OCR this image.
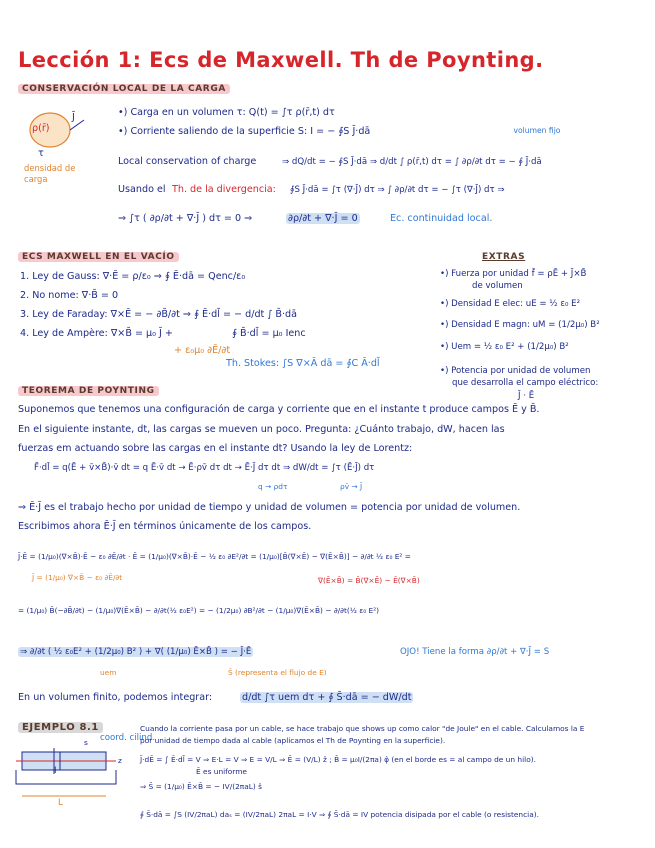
Lección 1: Ecs de Maxwell. Th de Poynting.
CONSERVACIÓN LOCAL DE LA CARGA
ρ(r̄)
J̄
τ
densidad de carga
•) Carga en un volumen τ: Q(t) = ∫τ ρ(r̄,t) dτ
•) Corriente saliendo de la superficie S: I = − ∮S J̄·dā	volumen fijo
Local conservation of charge	⇒ dQ/dt = − ∮S J̄·dā ⇒ d/dt ∫ ρ(r̄,t) dτ = ∫ ∂ρ/∂t dτ = − ∮ J̄·dā
Usando el Th. de la divergencia: ∮S J̄·dā = ∫τ (∇·J̄) dτ ⇒ ∫ ∂ρ/∂t dτ = − ∫τ (∇·J̄) dτ ⇒
⇒ ∫τ ( ∂ρ/∂t + ∇·J̄ ) dτ = 0 ⇒	∂ρ/∂t + ∇·J̄ = 0	Ec. continuidad local.
ECS MAXWELL EN EL VACÍO
1. Ley de Gauss: ∇·Ē = ρ/ε₀ ⇒ ∮ Ē·dā = Qenc/ε₀
2. No nome: ∇·B̄ = 0
3. Ley de Faraday: ∇×Ē = − ∂B̄/∂t ⇒ ∮ Ē·dl̄ = − d/dt ∫ B̄·dā
4. Ley de Ampère: ∇×B̄ = μ₀ J̄ +	∮ B̄·dl̄ = μ₀ Ienc
+ ε₀μ₀ ∂Ē/∂t
Th. Stokes: ∫S ∇×Ā dā = ∮C Ā·dl̄
EXTRAS
•) Fuerza por unidad f̄ = ρĒ + J̄×B̄
de volumen
•) Densidad E elec: uE = ½ ε₀ E²
•) Densidad E magn: uM = (1/2μ₀) B²
•) Uem = ½ ε₀ E² + (1/2μ₀) B²
•) Potencia por unidad de volumen
que desarrolla el campo eléctrico:
J̄ · Ē
TEOREMA DE POYNTING
Suponemos que tenemos una configuración de carga y corriente que en el instante t produce campos Ē y B̄.
En el siguiente instante, dt, las cargas se mueven un poco. Pregunta: ¿Cuánto trabajo, dW, hacen las
fuerzas em actuando sobre las cargas en el instante dt? Usando la ley de Lorentz:
F̄·dl̄ = q(Ē + v̄×B̄)·v̄ dt = q Ē·v̄ dt → Ē·ρv̄ dτ dt → Ē·J̄ dτ dt ⇒ dW/dt = ∫τ (Ē·J̄) dτ
q → ρdτ	ρv̄ → J̄
⇒ Ē·J̄ es el trabajo hecho por unidad de tiempo y unidad de volumen = potencia por unidad de volumen.
Escribimos ahora Ē·J̄ en términos únicamente de los campos.
J̄·Ē = (1/μ₀)(∇×B̄)·Ē − ε₀ ∂Ē/∂t · Ē = (1/μ₀)(∇×B̄)·Ē − ½ ε₀ ∂E²/∂t = (1/μ₀)[B̄(∇×Ē) − ∇(Ē×B̄)] − ∂/∂t ½ ε₀ E² =
J̄ = (1/μ₀) ∇×B̄ − ε₀ ∂Ē/∂t	∇(Ē×B̄) = B̄(∇×Ē) − Ē(∇×B̄)
= (1/μ₀) B̄(−∂B̄/∂t) − (1/μ₀)∇(Ē×B̄) − ∂/∂t(½ ε₀E²) = − (1/2μ₀) ∂B²/∂t − (1/μ₀)∇(Ē×B̄) − ∂/∂t(½ ε₀ E²)
⇒ ∂/∂t ( ½ ε₀E² + (1/2μ₀) B² ) + ∇( (1/μ₀) Ē×B̄ ) = − J̄·Ē	OJO! Tiene la forma ∂ρ/∂t + ∇·J̄ = S
uem	S̄ (representa el flujo de E)
En un volumen finito, podemos integrar:	d/dt ∫τ uem dτ + ∮ S̄·dā = − dW/dt
EJEMPLO 8.1
coord. cilind.
I
L
s
z
Cuando la corriente pasa por un cable, se hace trabajo que shows up como calor "de Joule" en el cable. Calculamos la E
por unidad de tiempo dada al cable (aplicamos el Th de Poynting en la superficie).
J̄·dĒ = ∫ Ē·dl̄ = V ⇒ E·L = V ⇒ E = V/L ⇒ Ē = (V/L) ẑ ; B̄ = μ₀I/(2πa) φ̂ (en el borde es = al campo de un hilo).
Ē es uniforme
⇒ S̄ = (1/μ₀) Ē×B̄ = − IV/(2πaL) ŝ
∮ S̄·dā = ∫S (IV/2πaL) daₛ = (IV/2πaL) 2πaL = I·V ⇒ ∮ S̄·dā = IV potencia disipada por el cable (o resistencia).
